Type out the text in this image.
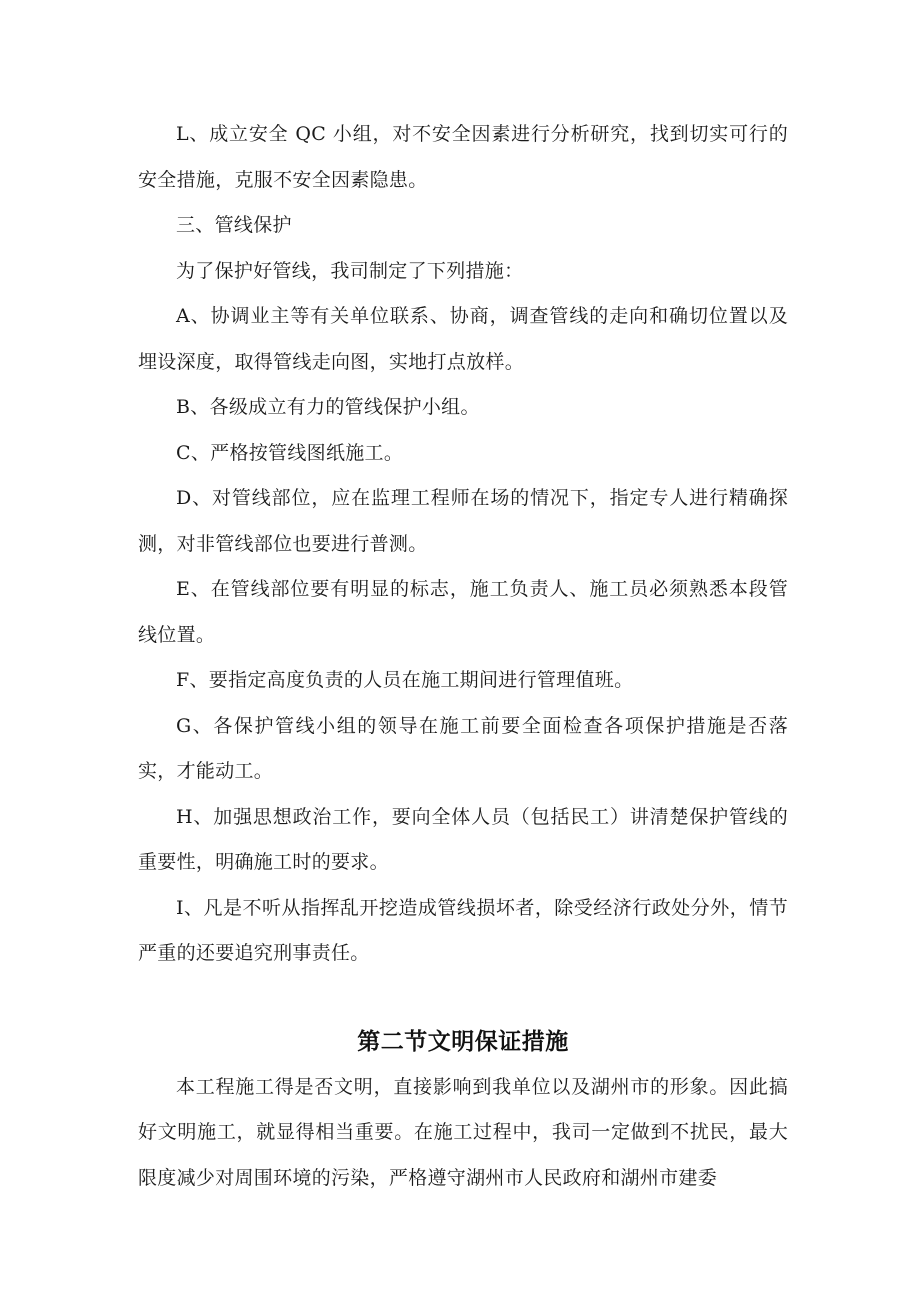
L、成立安全 QC 小组，对不安全因素进行分析研究，找到切实可行的安全措施，克服不安全因素隐患。

三、管线保护

为了保护好管线，我司制定了下列措施：

A、协调业主等有关单位联系、协商，调查管线的走向和确切位置以及埋设深度，取得管线走向图，实地打点放样。

B、各级成立有力的管线保护小组。

C、严格按管线图纸施工。

D、对管线部位，应在监理工程师在场的情况下，指定专人进行精确探测，对非管线部位也要进行普测。

E、在管线部位要有明显的标志，施工负责人、施工员必须熟悉本段管线位置。

F、要指定高度负责的人员在施工期间进行管理值班。

G、各保护管线小组的领导在施工前要全面检查各项保护措施是否落实，才能动工。

H、加强思想政治工作，要向全体人员（包括民工）讲清楚保护管线的重要性，明确施工时的要求。

I、凡是不听从指挥乱开挖造成管线损坏者，除受经济行政处分外，情节严重的还要追究刑事责任。

第二节文明保证措施

本工程施工得是否文明，直接影响到我单位以及湖州市的形象。因此搞好文明施工，就显得相当重要。在施工过程中，我司一定做到不扰民，最大限度减少对周围环境的污染，严格遵守湖州市人民政府和湖州市建委
